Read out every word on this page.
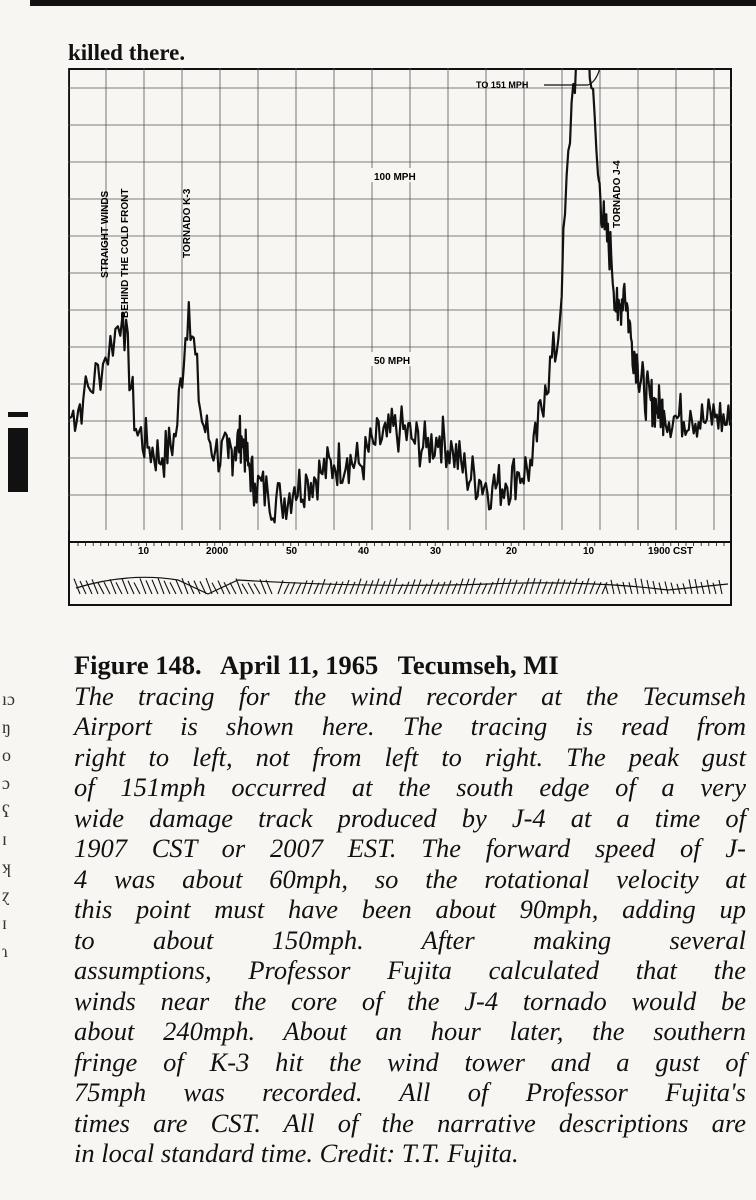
killed there.
ıɔ
ŋ
o
ɔ
ʕ
ɪ
ʞ
ɀ
ɪ
ɿ
100 MPH
50 MPH
TO 151 MPH
STRAIGHT WINDS BEHIND THE COLD FRONT	TORNADO K-3	TORNADO J-4
10	2000	50	40	30	20	10	1900 CST
Figure 148.   April 11, 1965   Tecumseh, MI
The tracing for the wind recorder at the Tecumseh
Airport is shown here. The tracing is read from
right to left, not from left to right. The peak gust
of 151mph occurred at the south edge of a very
wide damage track produced by J-4 at a time of
1907 CST or 2007 EST. The forward speed of J-
4 was about 60mph, so the rotational velocity at
this point must have been about 90mph, adding up
to about 150mph. After making several
assumptions, Professor Fujita calculated that the
winds near the core of the J-4 tornado would be
about 240mph. About an hour later, the southern
fringe of K-3 hit the wind tower and a gust of
75mph was recorded. All of Professor Fujita's
times are CST. All of the narrative descriptions are
in local standard time. Credit: T.T. Fujita.
